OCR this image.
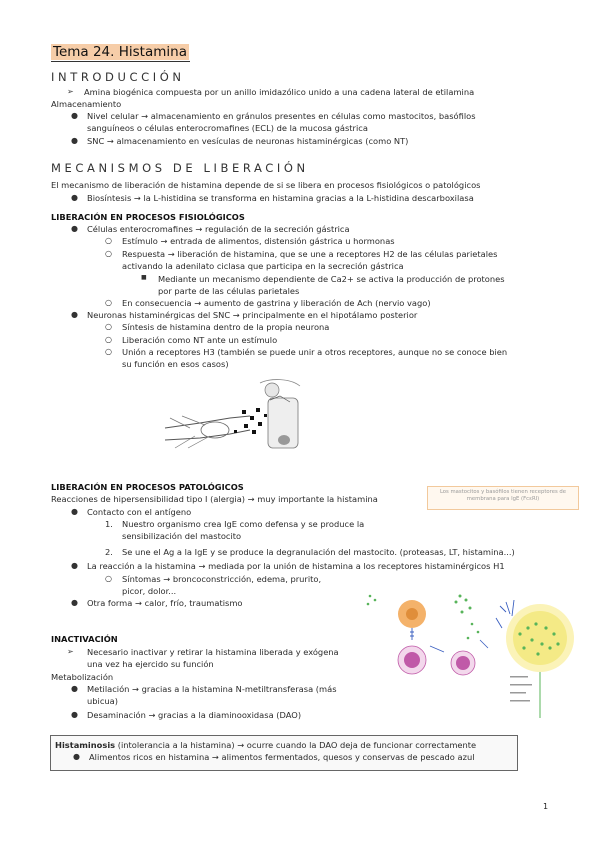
Tema 24. Histamina
INTRODUCCIÓN
➢ Amina biogénica compuesta por un anillo imidazólico unido a una cadena lateral de etilamina
Almacenamiento
● Nivel celular → almacenamiento en gránulos presentes en células como mastocitos, basófilos
sanguíneos o células enterocromafines (ECL) de la mucosa gástrica
● SNC → almacenamiento en vesículas de neuronas histaminérgicas (como NT)
MECANISMOS DE LIBERACIÓN
El mecanismo de liberación de histamina depende de si se libera en procesos fisiológicos o patológicos
● Biosíntesis → la L-histidina se transforma en histamina gracias a la L-histidina descarboxilasa
LIBERACIÓN EN PROCESOS FISIOLÓGICOS
● Células enterocromafines → regulación de la secreción gástrica
○ Estímulo → entrada de alimentos, distensión gástrica u hormonas
○ Respuesta → liberación de histamina, que se une a receptores H2 de las células parietales
activando la adenilato ciclasa que participa en la secreción gástrica
■ Mediante un mecanismo dependiente de Ca2+ se activa la producción de protones
por parte de las células parietales
○ En consecuencia → aumento de gastrina y liberación de Ach (nervio vago)
● Neuronas histaminérgicas del SNC → principalmente en el hipotálamo posterior
○ Síntesis de histamina dentro de la propia neurona
○ Liberación como NT ante un estímulo
○ Unión a receptores H3 (también se puede unir a otros receptores, aunque no se conoce bien
su función en esos casos)
LIBERACIÓN EN PROCESOS PATOLÓGICOS	Los mastocitos y basófilos tienen receptores de membrana para IgE (FcεRI)
Reacciones de hipersensibilidad tipo I (alergia) → muy importante la histamina
● Contacto con el antígeno
1. Nuestro organismo crea IgE como defensa y se produce la
sensibilización del mastocito
2. Se une el Ag a la IgE y se produce la degranulación del mastocito. (proteasas, LT, histamina...)
● La reacción a la histamina → mediada por la unión de histamina a los receptores histaminérgicos H1
○ Síntomas → broncoconstricción, edema, prurito,
picor, dolor...
● Otra forma → calor, frío, traumatismo
INACTIVACIÓN
➢ Necesario inactivar y retirar la histamina liberada y exógena
una vez ha ejercido su función
Metabolización
● Metilación → gracias a la histamina N-metiltransferasa (más
ubicua)
● Desaminación → gracias a la diaminooxidasa (DAO)
Histaminosis (intolerancia a la histamina) → ocurre cuando la DAO deja de funcionar correctamente
● Alimentos ricos en histamina → alimentos fermentados, quesos y conservas de pescado azul
1
